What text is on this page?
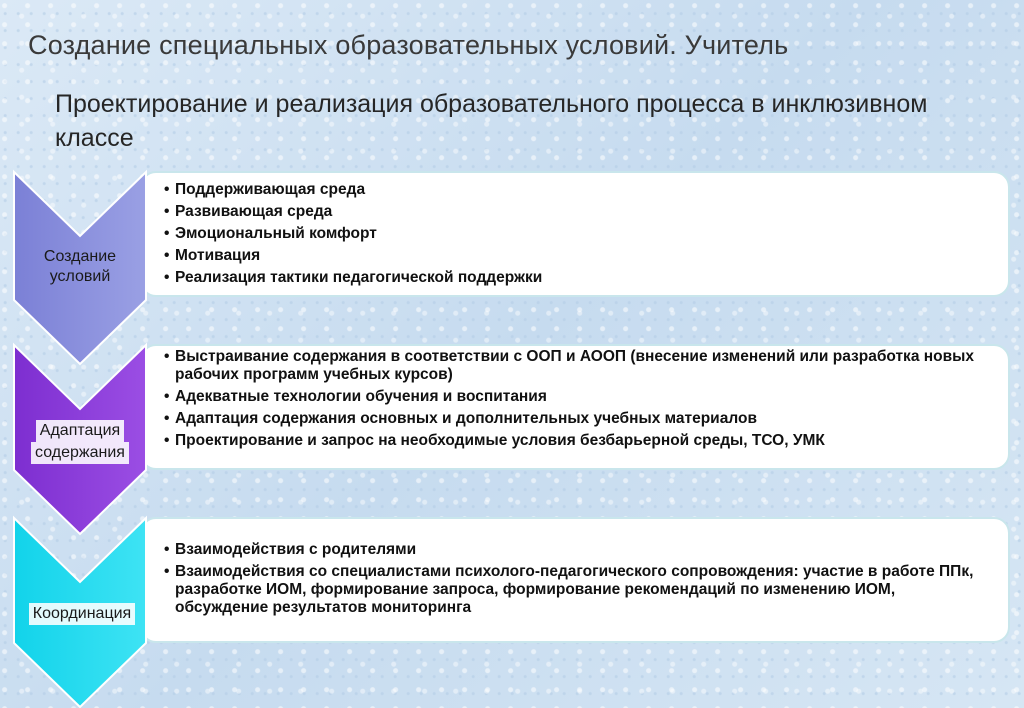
Создание специальных образовательных условий. Учитель
Проектирование и реализация образовательного процесса в инклюзивном классе
• Поддерживающая среда
• Развивающая среда
• Эмоциональный комфорт
• Мотивация
• Реализация тактики педагогической поддержки
• Выстраивание содержания в соответствии с ООП и АООП (внесение изменений или разработка новых рабочих программ учебных курсов)
• Адекватные технологии обучения и воспитания
• Адаптация содержания основных и дополнительных учебных материалов
• Проектирование и запрос на необходимые условия безбарьерной среды, ТСО, УМК
• Взаимодействия с родителями
• Взаимодействия со специалистами психолого-педагогического сопровождения: участие в работе ППк, разработке ИОМ, формирование запроса, формирование рекомендаций по изменению ИОМ, обсуждение результатов мониторинга
Создание
условий
Адаптация
содержания
Координация
